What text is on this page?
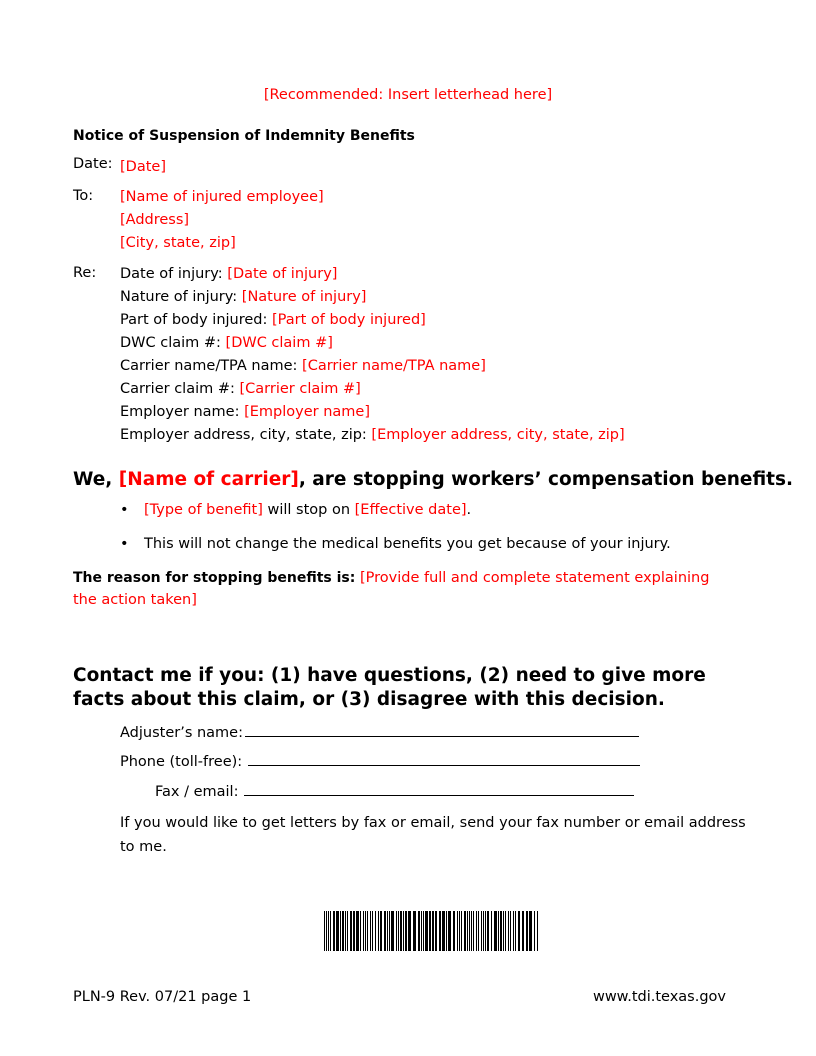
[Recommended: Insert letterhead here]
Notice of Suspension of Indemnity Benefits
Date: [Date]
To: [Name of injured employee]
[Address]
[City, state, zip]
Re: Date of injury: [Date of injury]
Nature of injury: [Nature of injury]
Part of body injured: [Part of body injured]
DWC claim #: [DWC claim #]
Carrier name/TPA name: [Carrier name/TPA name]
Carrier claim #: [Carrier claim #]
Employer name: [Employer name]
Employer address, city, state, zip: [Employer address, city, state, zip]
We, [Name of carrier], are stopping workers’ compensation benefits.
• [Type of benefit] will stop on [Effective date].
• This will not change the medical benefits you get because of your injury.
The reason for stopping benefits is: [Provide full and complete statement explaining the action taken]
Contact me if you: (1) have questions, (2) need to give more facts about this claim, or (3) disagree with this decision.
Adjuster’s name:
Phone (toll-free):
Fax / email:
If you would like to get letters by fax or email, send your fax number or email address to me.
PLN-9 Rev. 07/21 page 1	www.tdi.texas.gov
